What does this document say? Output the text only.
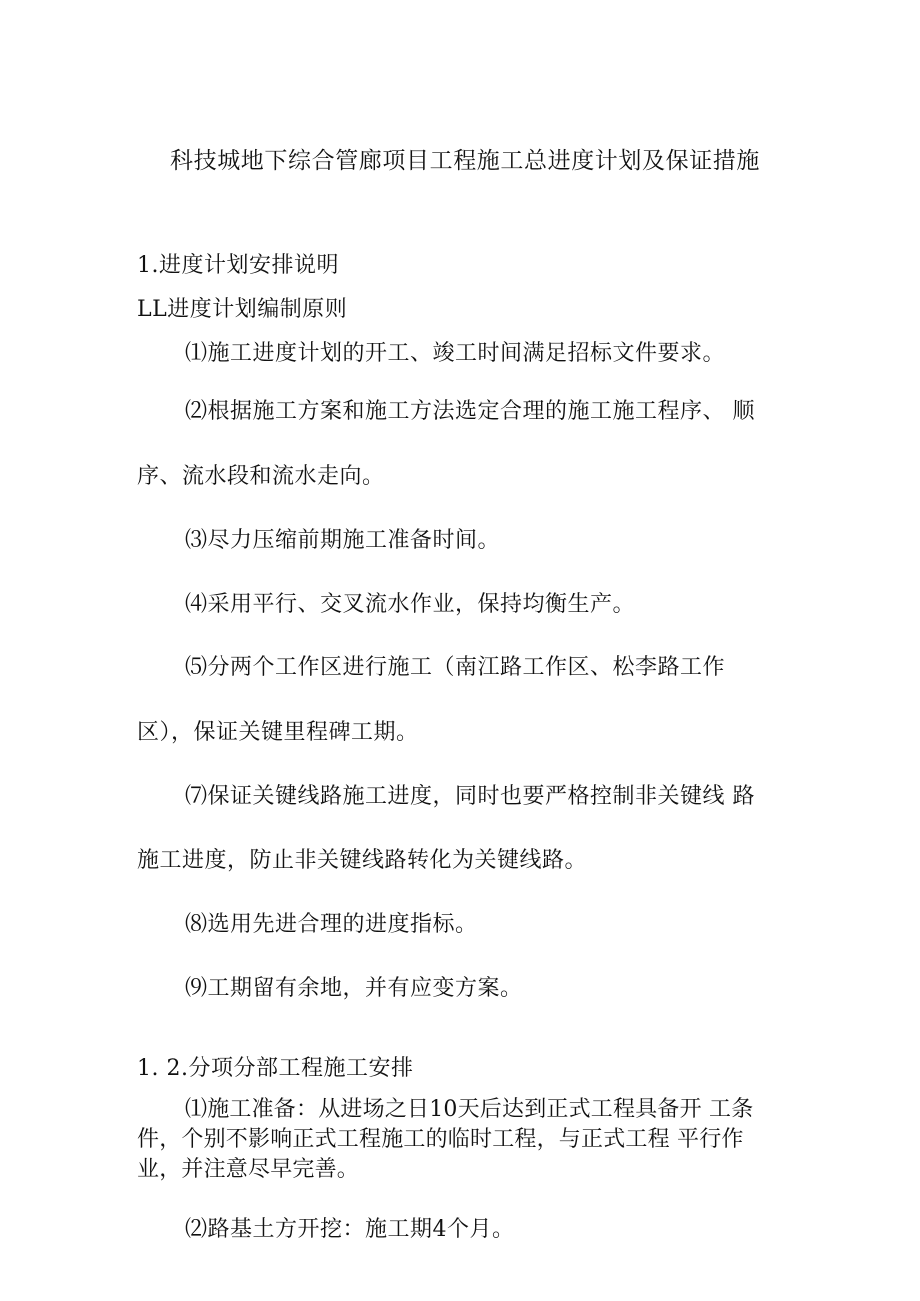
科技城地下综合管廊项目工程施工总进度计划及保证措施
1.进度计划安排说明
LL进度计划编制原则
⑴施工进度计划的开工、竣工时间满足招标文件要求。
⑵根据施工方案和施工方法选定合理的施工施工程序、 顺
序、流水段和流水走向。
⑶尽力压缩前期施工准备时间。
⑷采用平行、交叉流水作业，保持均衡生产。
⑸分两个工作区进行施工（南江路工作区、松李路工作
区），保证关键里程碑工期。
⑺保证关键线路施工进度，同时也要严格控制非关键线 路
施工进度，防止非关键线路转化为关键线路。
⑻选用先进合理的进度指标。
⑼工期留有余地，并有应变方案。
1. 2.分项分部工程施工安排
⑴施工准备：从进场之日10天后达到正式工程具备开 工条
件，个别不影响正式工程施工的临时工程，与正式工程 平行作
业，并注意尽早完善。
⑵路基土方开挖：施工期4个月。
